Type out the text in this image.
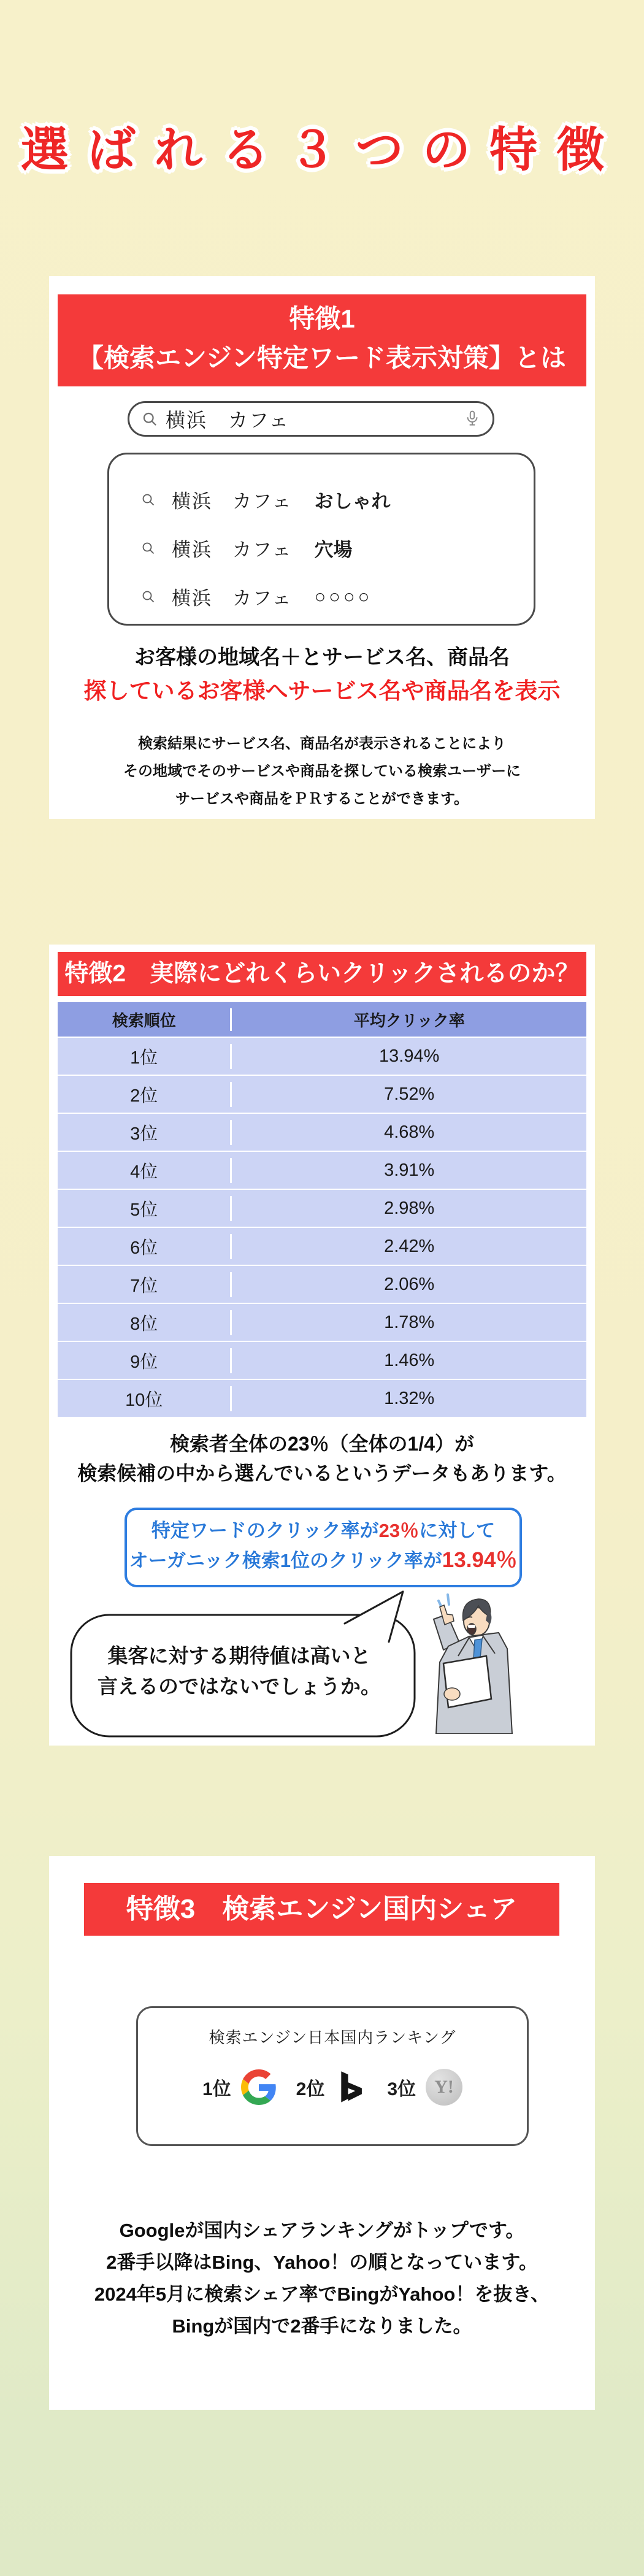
選ばれる３つの特徴
特徴1
【検索エンジン特定ワード表示対策】とは
横浜　カフェ
横浜　カフェ おしゃれ
横浜　カフェ 穴場
横浜　カフェ ○○○○
お客様の地域名＋とサービス名、商品名
探しているお客様へサービス名や商品名を表示
検索結果にサービス名、商品名が表示されることにより
その地域でそのサービスや商品を探している検索ユーザーに
サービスや商品をＰＲすることができます。
特徴2　実際にどれくらいクリックされるのか？
検索順位	平均クリック率
1位	13.94%
2位	7.52%
3位	4.68%
4位	3.91%
5位	2.98%
6位	2.42%
7位	2.06%
8位	1.78%
9位	1.46%
10位	1.32%
検索者全体の23％（全体の1/4）が
検索候補の中から選んでいるというデータもあります。
特定ワードのクリック率が23％に対して
オーガニック検索1位のクリック率が13.94％
集客に対する期待値は高いと
言えるのではないでしょうか。
特徴3　検索エンジン国内シェア
検索エンジン日本国内ランキング
1位	2位	3位	Y!
Googleが国内シェアランキングがトップです。
2番手以降はBing、Yahoo！の順となっています。
2024年5月に検索シェア率でBingがYahoo！を抜き、
Bingが国内で2番手になりました。
